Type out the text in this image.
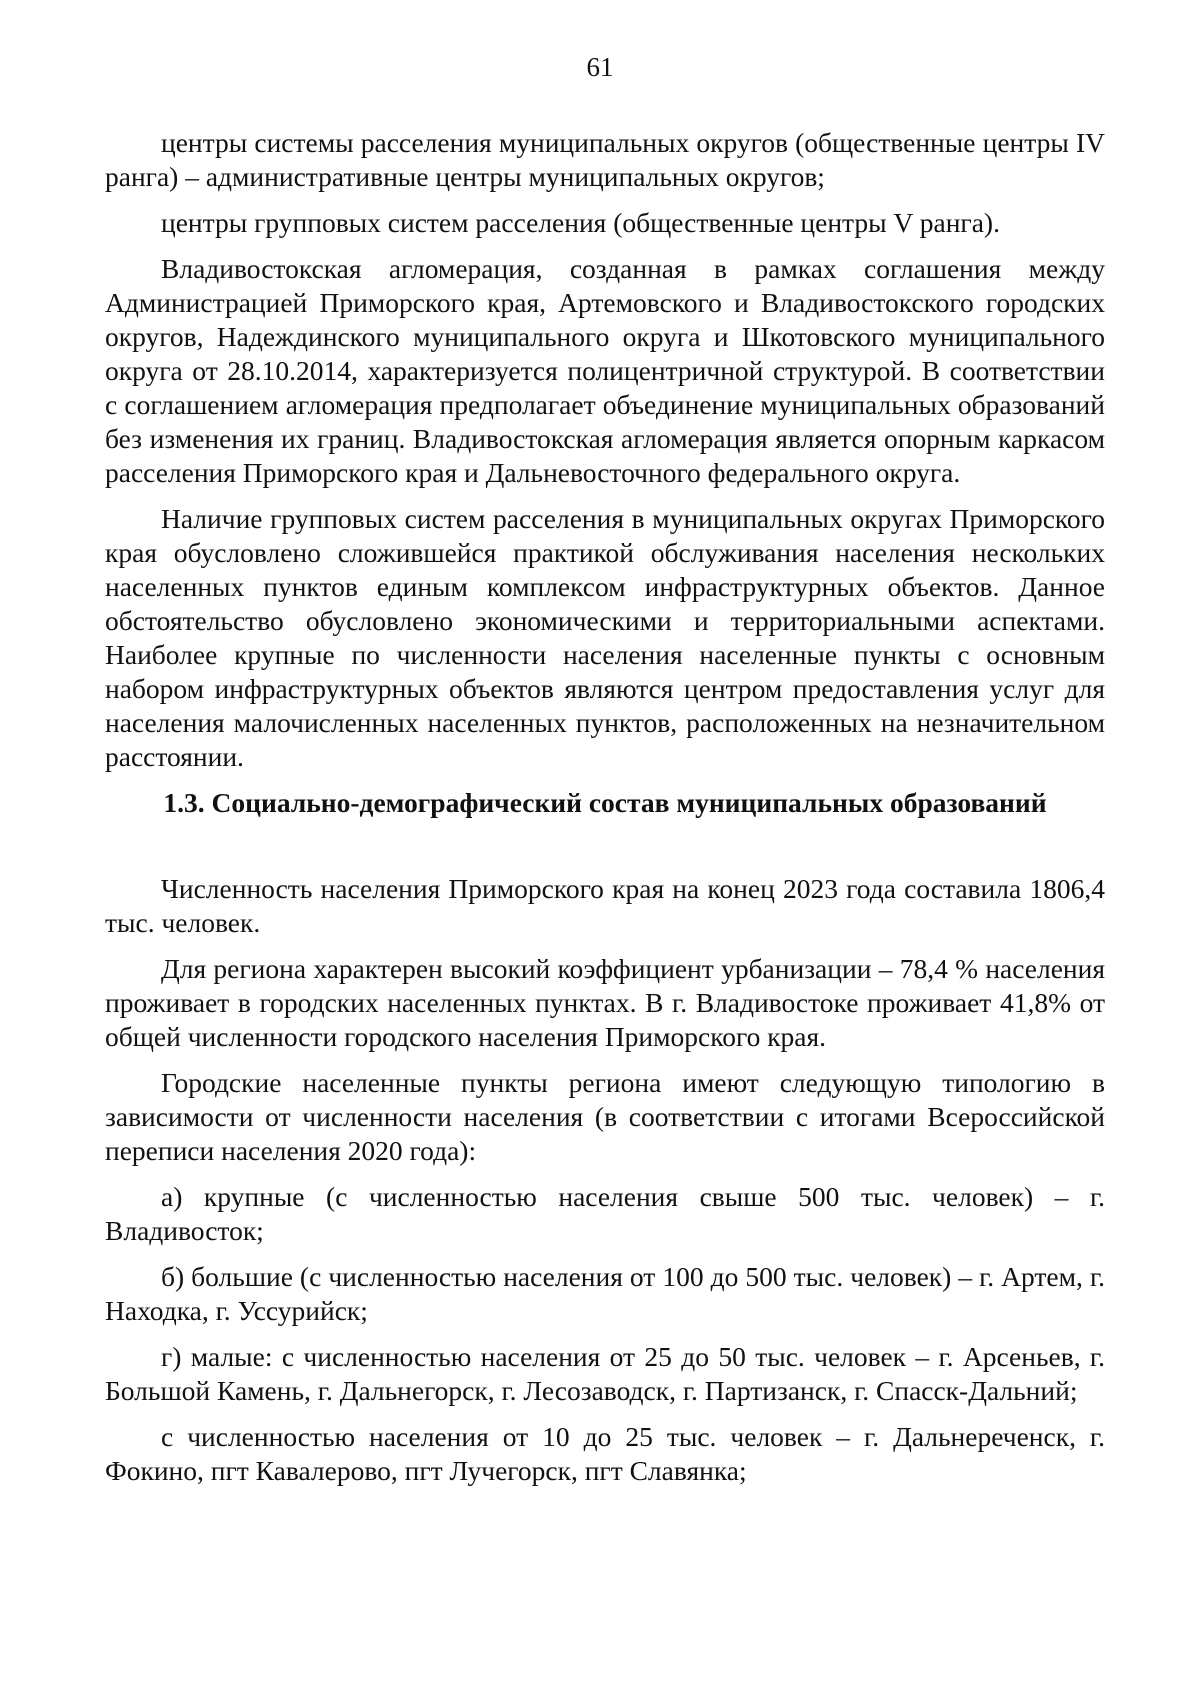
61

центры системы расселения муниципальных округов (общественные центры IV ранга) – административные центры муниципальных округов;

центры групповых систем расселения (общественные центры V ранга).

Владивостокская агломерация, созданная в рамках соглашения между Администрацией Приморского края, Артемовского и Владивостокского городских округов, Надеждинского муниципального округа и Шкотовского муниципального округа от 28.10.2014, характеризуется полицентричной структурой. В соответствии с соглашением агломерация предполагает объединение муниципальных образований без изменения их границ. Владивостокская агломерация является опорным каркасом расселения Приморского края и Дальневосточного федерального округа.

Наличие групповых систем расселения в муниципальных округах Приморского края обусловлено сложившейся практикой обслуживания населения нескольких населенных пунктов единым комплексом инфраструктурных объектов. Данное обстоятельство обусловлено экономическими и территориальными аспектами. Наиболее крупные по численности населения населенные пункты с основным набором инфраструктурных объектов являются центром предоставления услуг для населения малочисленных населенных пунктов, расположенных на незначительном расстоянии.

1.3. Социально-демографический состав муниципальных образований

Численность населения Приморского края на конец 2023 года составила 1806,4 тыс. человек.

Для региона характерен высокий коэффициент урбанизации – 78,4 % населения проживает в городских населенных пунктах. В г. Владивостоке проживает 41,8% от общей численности городского населения Приморского края.

Городские населенные пункты региона имеют следующую типологию в зависимости от численности населения (в соответствии с итогами Всероссийской переписи населения 2020 года):

а) крупные (с численностью населения свыше 500 тыс. человек) – г. Владивосток;

б) большие (с численностью населения от 100 до 500 тыс. человек) – г. Артем, г. Находка, г. Уссурийск;

г) малые: с численностью населения от 25 до 50 тыс. человек – г. Арсеньев, г. Большой Камень, г. Дальнегорск, г. Лесозаводск, г. Партизанск, г. Спасск-Дальний;

с численностью населения от 10 до 25 тыс. человек – г. Дальнереченск, г. Фокино, пгт Кавалерово, пгт Лучегорск, пгт Славянка;
